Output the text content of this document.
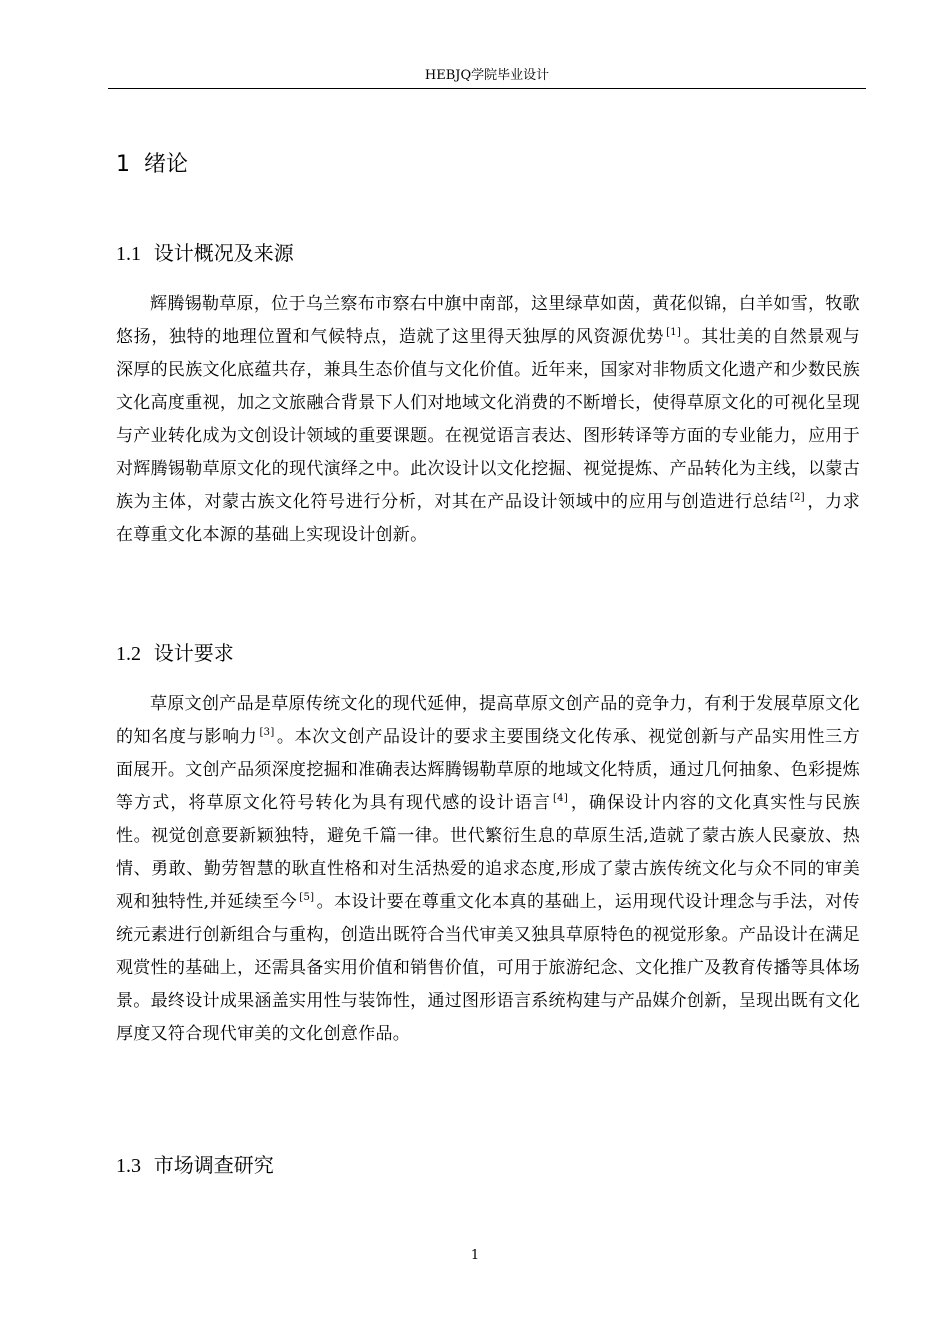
HEBJQ学院毕业设计
1 绪论
1.1 设计概况及来源

辉腾锡勒草原，位于乌兰察布市察右中旗中南部，这里绿草如茵，黄花似锦，白羊如雪，牧歌悠扬，独特的地理位置和气候特点，造就了这里得天独厚的风资源优势 [1] 。其壮美的自然景观与深厚的民族文化底蕴共存，兼具生态价值与文化价值。近年来，国家对非物质文化遗产和少数民族文化高度重视，加之文旅融合背景下人们对地域文化消费的不断增长，使得草原文化的可视化呈现与产业转化成为文创设计领域的重要课题。在视觉语言表达、图形转译等方面的专业能力，应用于对辉腾锡勒草原文化的现代演绎之中。此次设计以文化挖掘、视觉提炼、产品转化为主线，以蒙古族为主体，对蒙古族文化符号进行分析，对其在产品设计领域中的应用与创造进行总结 [2] ，力求在尊重文化本源的基础上实现设计创新。

1.2 设计要求

草原文创产品是草原传统文化的现代延伸，提高草原文创产品的竞争力，有利于发展草原文化的知名度与影响力 [3] 。本次文创产品设计的要求主要围绕文化传承、视觉创新与产品实用性三方面展开。文创产品须深度挖掘和准确表达辉腾锡勒草原的地域文化特质，通过几何抽象、色彩提炼等方式，将草原文化符号转化为具有现代感的设计语言 [4] ，确保设计内容的文化真实性与民族性。视觉创意要新颖独特，避免千篇一律。世代繁衍生息的草原生活,造就了蒙古族人民豪放、热情、勇敢、勤劳智慧的耿直性格和对生活热爱的追求态度,形成了蒙古族传统文化与众不同的审美观和独特性,并延续至今 [5] 。本设计要在尊重文化本真的基础上，运用现代设计理念与手法，对传统元素进行创新组合与重构，创造出既符合当代审美又独具草原特色的视觉形象。产品设计在满足观赏性的基础上，还需具备实用价值和销售价值，可用于旅游纪念、文化推广及教育传播等具体场景。最终设计成果涵盖实用性与装饰性，通过图形语言系统构建与产品媒介创新，呈现出既有文化厚度又符合现代审美的文化创意作品。

1.3 市场调查研究
1
